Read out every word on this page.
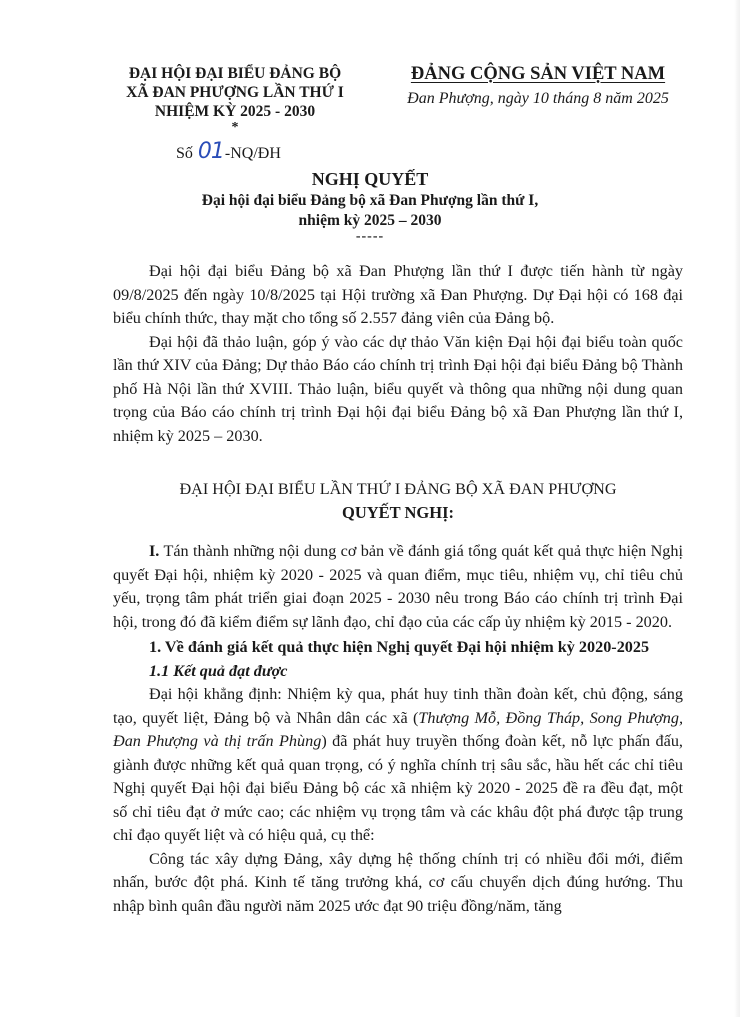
ĐẠI HỘI ĐẠI BIỂU ĐẢNG BỘ
XÃ ĐAN PHƯỢNG LẦN THỨ I
NHIỆM KỲ 2025 - 2030
*
ĐẢNG CỘNG SẢN VIỆT NAM
Đan Phượng, ngày 10 tháng 8 năm 2025
Số 01-NQ/ĐH
NGHỊ QUYẾT
Đại hội đại biểu Đảng bộ xã Đan Phượng lần thứ I,
nhiệm kỳ 2025 – 2030
-----

Đại hội đại biểu Đảng bộ xã Đan Phượng lần thứ I được tiến hành từ ngày 09/8/2025 đến ngày 10/8/2025 tại Hội trường xã Đan Phượng. Dự Đại hội có 168 đại biểu chính thức, thay mặt cho tổng số 2.557 đảng viên của Đảng bộ.

Đại hội đã thảo luận, góp ý vào các dự thảo Văn kiện Đại hội đại biểu toàn quốc lần thứ XIV của Đảng; Dự thảo Báo cáo chính trị trình Đại hội đại biểu Đảng bộ Thành phố Hà Nội lần thứ XVIII. Thảo luận, biểu quyết và thông qua những nội dung quan trọng của Báo cáo chính trị trình Đại hội đại biểu Đảng bộ xã Đan Phượng lần thứ I, nhiệm kỳ 2025 – 2030.

ĐẠI HỘI ĐẠI BIỂU LẦN THỨ I ĐẢNG BỘ XÃ ĐAN PHƯỢNG
QUYẾT NGHỊ:

I. Tán thành những nội dung cơ bản về đánh giá tổng quát kết quả thực hiện Nghị quyết Đại hội, nhiệm kỳ 2020 - 2025 và quan điểm, mục tiêu, nhiệm vụ, chỉ tiêu chủ yếu, trọng tâm phát triển giai đoạn 2025 - 2030 nêu trong Báo cáo chính trị trình Đại hội, trong đó đã kiểm điểm sự lãnh đạo, chỉ đạo của các cấp ủy nhiệm kỳ 2015 - 2020.

1. Về đánh giá kết quả thực hiện Nghị quyết Đại hội nhiệm kỳ 2020-2025

1.1 Kết quả đạt được

Đại hội khẳng định: Nhiệm kỳ qua, phát huy tinh thần đoàn kết, chủ động, sáng tạo, quyết liệt, Đảng bộ và Nhân dân các xã (Thượng Mỗ, Đồng Tháp, Song Phượng, Đan Phượng và thị trấn Phùng) đã phát huy truyền thống đoàn kết, nỗ lực phấn đấu, giành được những kết quả quan trọng, có ý nghĩa chính trị sâu sắc, hầu hết các chỉ tiêu Nghị quyết Đại hội đại biểu Đảng bộ các xã nhiệm kỳ 2020 - 2025 đề ra đều đạt, một số chỉ tiêu đạt ở mức cao; các nhiệm vụ trọng tâm và các khâu đột phá được tập trung chỉ đạo quyết liệt và có hiệu quả, cụ thể:

Công tác xây dựng Đảng, xây dựng hệ thống chính trị có nhiều đổi mới, điểm nhấn, bước đột phá. Kinh tế tăng trưởng khá, cơ cấu chuyển dịch đúng hướng. Thu nhập bình quân đầu người năm 2025 ước đạt 90 triệu đồng/năm, tăng
